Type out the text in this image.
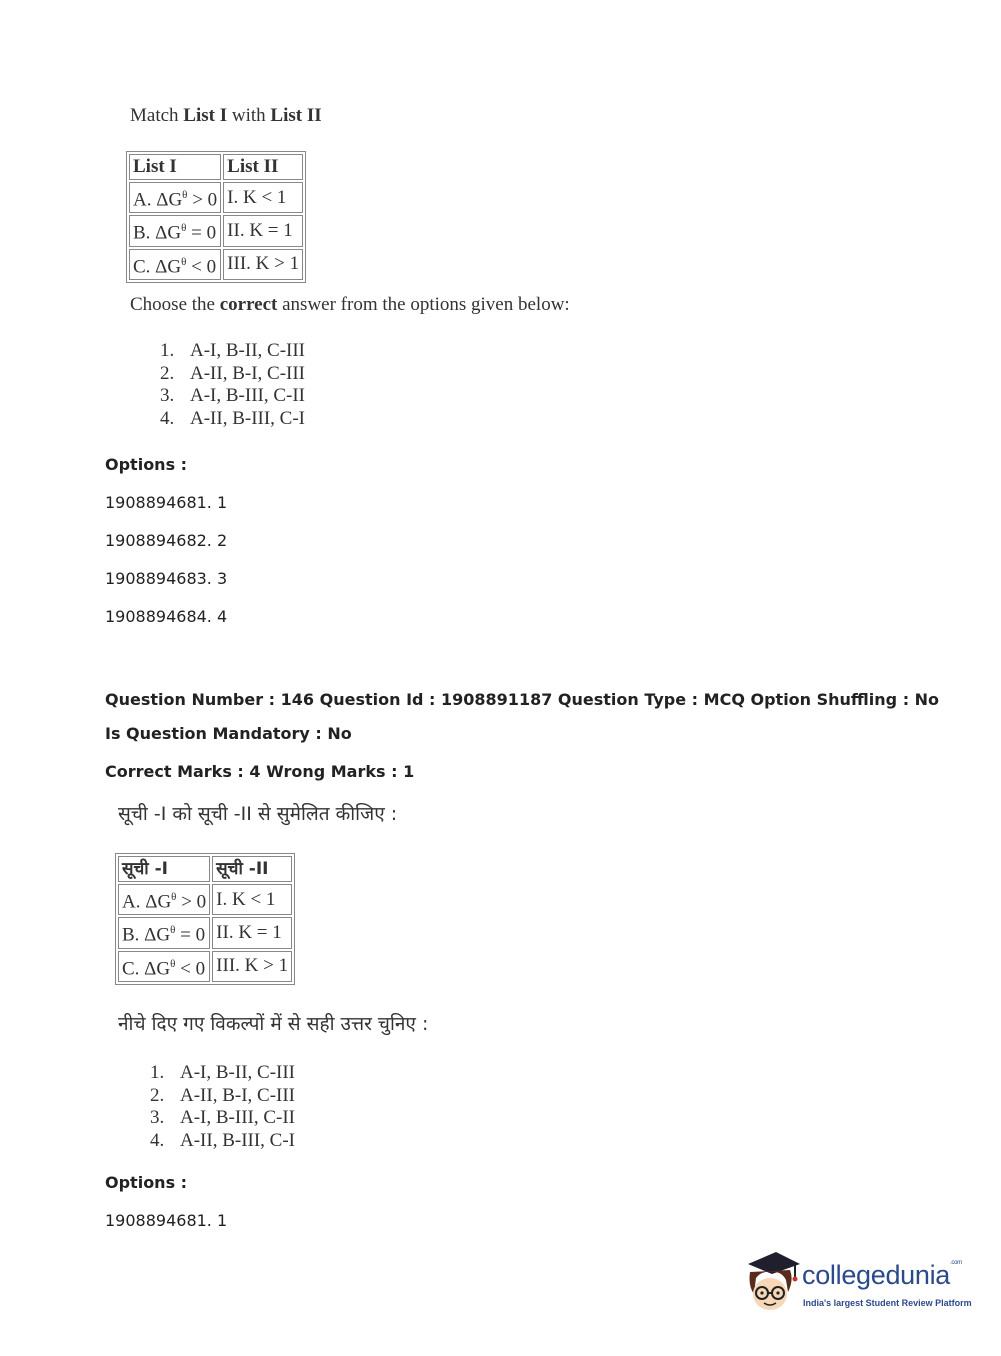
Match List I with List II
List I	List II
A. $\Delta G^\theta > 0$	I. K < 1
B. $\Delta G^\theta = 0$	II. K = 1
C. $\Delta G^\theta < 0$	III. K > 1
Choose the correct answer from the options given below:
1. A-I, B-II, C-III
2. A-II, B-I, C-III
3. A-I, B-III, C-II
4. A-II, B-III, C-I
Options :
1908894681. 1
1908894682. 2
1908894683. 3
1908894684. 4
Question Number : 146 Question Id : 1908891187 Question Type : MCQ Option Shuffling : No
Is Question Mandatory : No
Correct Marks : 4 Wrong Marks : 1
सूची -I को सूची -II से सुमेलित कीजिए :
सूची -I	सूची -II
A. $\Delta G^\theta > 0$	I. K < 1
B. $\Delta G^\theta = 0$	II. K = 1
C. $\Delta G^\theta < 0$	III. K > 1
नीचे दिए गए विकल्पों में से सही उत्तर चुनिए :
1. A-I, B-II, C-III
2. A-II, B-I, C-III
3. A-I, B-III, C-II
4. A-II, B-III, C-I
Options :
1908894681. 1
collegedunia$^{.com}$
India's largest Student Review Platform
